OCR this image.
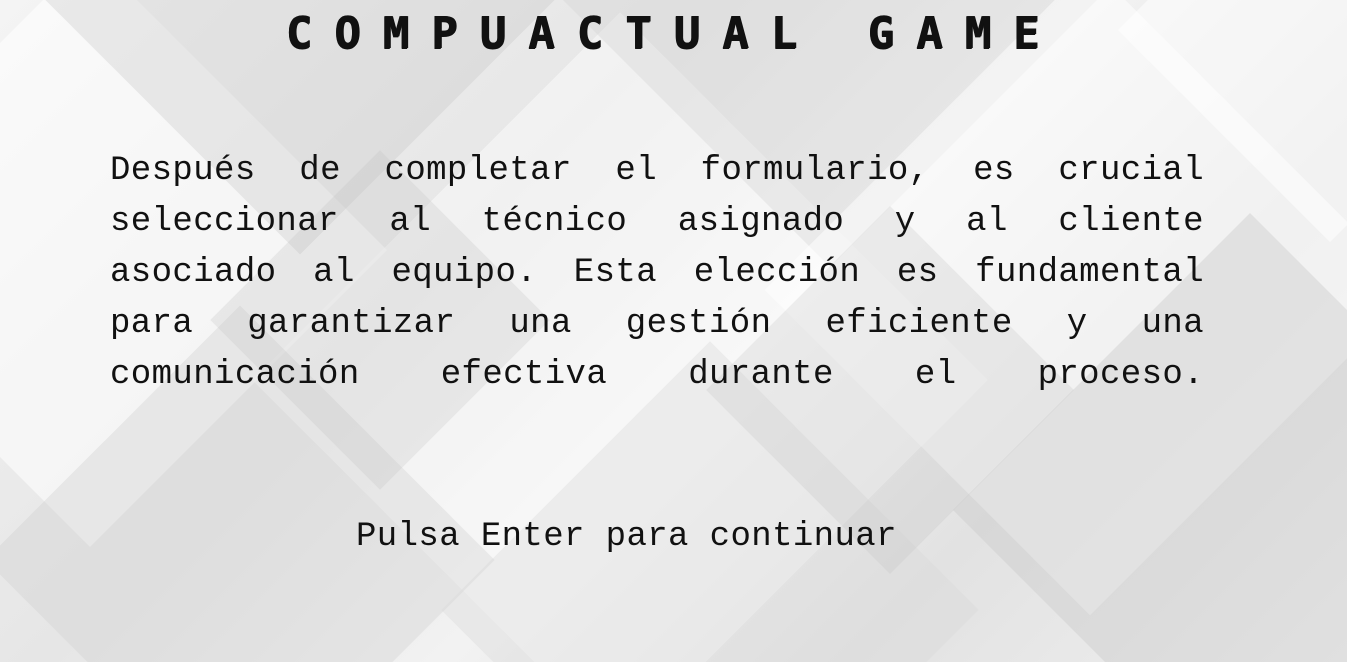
COMPUACTUAL GAME

Después de completar el formulario, es crucial seleccionar al técnico asignado y al cliente asociado al equipo. Esta elección es fundamental para garantizar una gestión eficiente y una comunicación efectiva durante el proceso.

Pulsa Enter para continuar
